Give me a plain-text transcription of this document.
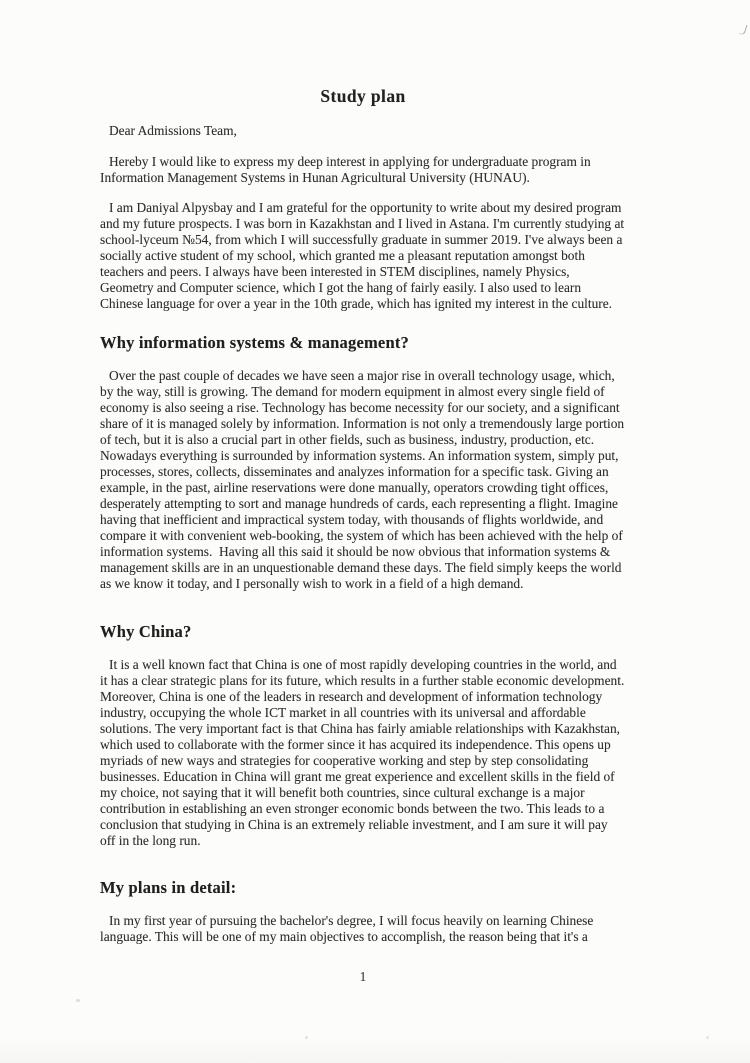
Study plan

Dear Admissions Team,

Hereby I would like to express my deep interest in applying for undergraduate program in Information Management Systems in Hunan Agricultural University (HUNAU).

I am Daniyal Alpysbay and I am grateful for the opportunity to write about my desired program and my future prospects. I was born in Kazakhstan and I lived in Astana. I'm currently studying at school-lyceum №54, from which I will successfully graduate in summer 2019. I've always been a socially active student of my school, which granted me a pleasant reputation amongst both teachers and peers. I always have been interested in STEM disciplines, namely Physics, Geometry and Computer science, which I got the hang of fairly easily. I also used to learn Chinese language for over a year in the 10th grade, which has ignited my interest in the culture.

Why information systems & management?

Over the past couple of decades we have seen a major rise in overall technology usage, which, by the way, still is growing. The demand for modern equipment in almost every single field of economy is also seeing a rise. Technology has become necessity for our society, and a significant share of it is managed solely by information. Information is not only a tremendously large portion of tech, but it is also a crucial part in other fields, such as business, industry, production, etc. Nowadays everything is surrounded by information systems. An information system, simply put, processes, stores, collects, disseminates and analyzes information for a specific task. Giving an example, in the past, airline reservations were done manually, operators crowding tight offices, desperately attempting to sort and manage hundreds of cards, each representing a flight. Imagine having that inefficient and impractical system today, with thousands of flights worldwide, and compare it with convenient web-booking, the system of which has been achieved with the help of information systems.  Having all this said it should be now obvious that information systems & management skills are in an unquestionable demand these days. The field simply keeps the world as we know it today, and I personally wish to work in a field of a high demand.

Why China?

It is a well known fact that China is one of most rapidly developing countries in the world, and it has a clear strategic plans for its future, which results in a further stable economic development. Moreover, China is one of the leaders in research and development of information technology industry, occupying the whole ICT market in all countries with its universal and affordable solutions. The very important fact is that China has fairly amiable relationships with Kazakhstan, which used to collaborate with the former since it has acquired its independence. This opens up myriads of new ways and strategies for cooperative working and step by step consolidating businesses. Education in China will grant me great experience and excellent skills in the field of my choice, not saying that it will benefit both countries, since cultural exchange is a major contribution in establishing an even stronger economic bonds between the two. This leads to a conclusion that studying in China is an extremely reliable investment, and I am sure it will pay off in the long run.

My plans in detail:

In my first year of pursuing the bachelor's degree, I will focus heavily on learning Chinese language. This will be one of my main objectives to accomplish, the reason being that it's a

1
